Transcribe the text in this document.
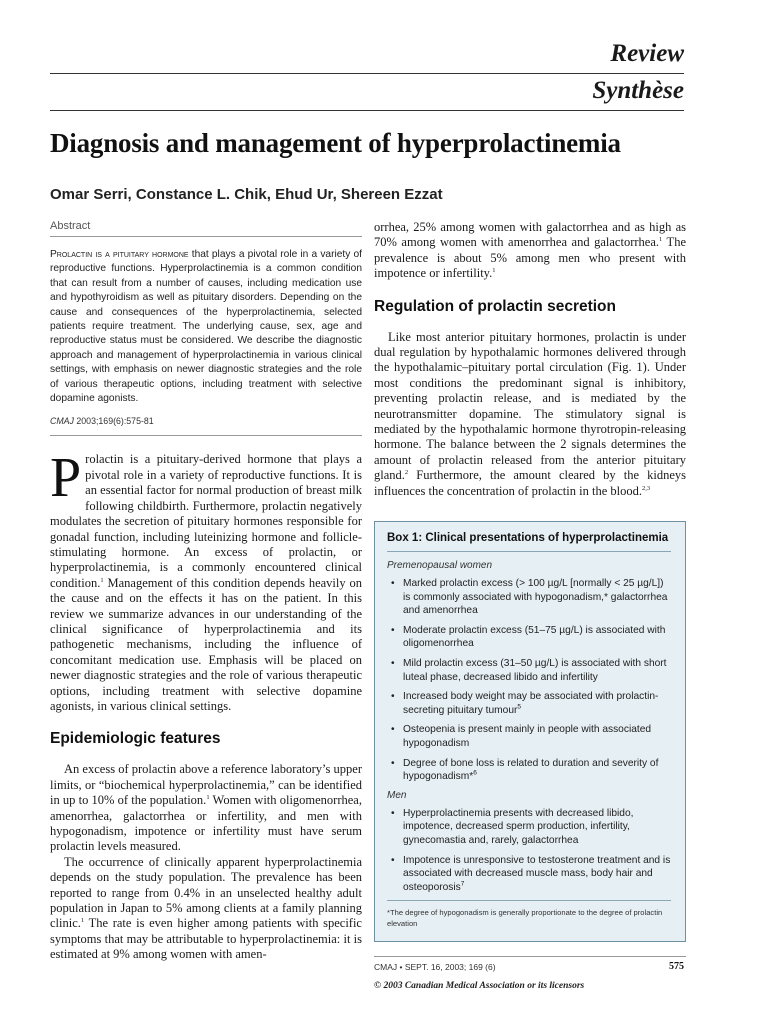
Review
Synthèse
Diagnosis and management of hyperprolactinemia
Omar Serri, Constance L. Chik, Ehud Ur, Shereen Ezzat
Abstract

Prolactin is a pituitary hormone that plays a pivotal role in a variety of reproductive functions. Hyperprolactinemia is a common condition that can result from a number of causes, including medication use and hypothyroidism as well as pituitary disorders. Depending on the cause and consequences of the hyperprolactinemia, selected patients require treatment. The underlying cause, sex, age and reproductive status must be considered. We describe the diagnostic approach and management of hyperprolactinemia in various clinical settings, with emphasis on newer diagnostic strategies and the role of various therapeutic options, including treatment with selective dopamine agonists.

CMAJ 2003;169(6):575-81

Prolactin is a pituitary-derived hormone that plays a pivotal role in a variety of reproductive functions. It is an essential factor for normal production of breast milk following childbirth. Furthermore, prolactin negatively modulates the secretion of pituitary hormones responsible for gonadal function, including luteinizing hormone and follicle-stimulating hormone. An excess of prolactin, or hyperprolactinemia, is a commonly encountered clinical condition.$^1$ Management of this condition depends heavily on the cause and on the effects it has on the patient. In this review we summarize advances in our understanding of the clinical significance of hyperprolactinemia and its pathogenetic mechanisms, including the influence of concomitant medication use. Emphasis will be placed on newer diagnostic strategies and the role of various therapeutic options, including treatment with selective dopamine agonists, in various clinical settings.

Epidemiologic features

An excess of prolactin above a reference laboratory’s upper limits, or “biochemical hyperprolactinemia,” can be identified in up to 10% of the population.$^1$ Women with oligomenorrhea, amenorrhea, galactorrhea or infertility, and men with hypogonadism, impotence or infertility must have serum prolactin levels measured.

The occurrence of clinically apparent hyperprolactinemia depends on the study population. The prevalence has been reported to range from 0.4% in an unselected healthy adult population in Japan to 5% among clients at a family planning clinic.$^1$ The rate is even higher among patients with specific symptoms that may be attributable to hyperprolactinemia: it is estimated at 9% among women with amen-

orrhea, 25% among women with galactorrhea and as high as 70% among women with amenorrhea and galactorrhea.$^1$ The prevalence is about 5% among men who present with impotence or infertility.$^1$

Regulation of prolactin secretion

Like most anterior pituitary hormones, prolactin is under dual regulation by hypothalamic hormones delivered through the hypothalamic–pituitary portal circulation (Fig. 1). Under most conditions the predominant signal is inhibitory, preventing prolactin release, and is mediated by the neurotransmitter dopamine. The stimulatory signal is mediated by the hypothalamic hormone thyrotropin-releasing hormone. The balance between the 2 signals determines the amount of prolactin released from the anterior pituitary gland.$^2$ Furthermore, the amount cleared by the kidneys influences the concentration of prolactin in the blood.$^{2,3}$

Box 1: Clinical presentations of hyperprolactinemia
Premenopausal women
• Marked prolactin excess (> 100 µg/L [normally < 25 µg/L]) is commonly associated with hypogonadism,* galactorrhea and amenorrhea
• Moderate prolactin excess (51–75 µg/L) is associated with oligomenorrhea
• Mild prolactin excess (31–50 µg/L) is associated with short luteal phase, decreased libido and infertility
• Increased body weight may be associated with prolactin-secreting pituitary tumour$^5$
• Osteopenia is present mainly in people with associated hypogonadism
• Degree of bone loss is related to duration and severity of hypogonadism*$^6$
Men
• Hyperprolactinemia presents with decreased libido, impotence, decreased sperm production, infertility, gynecomastia and, rarely, galactorrhea
• Impotence is unresponsive to testosterone treatment and is associated with decreased muscle mass, body hair and osteoporosis$^7$
*The degree of hypogonadism is generally proportionate to the degree of prolactin elevation
CMAJ • SEPT. 16, 2003; 169 (6)	575
© 2003 Canadian Medical Association or its licensors
